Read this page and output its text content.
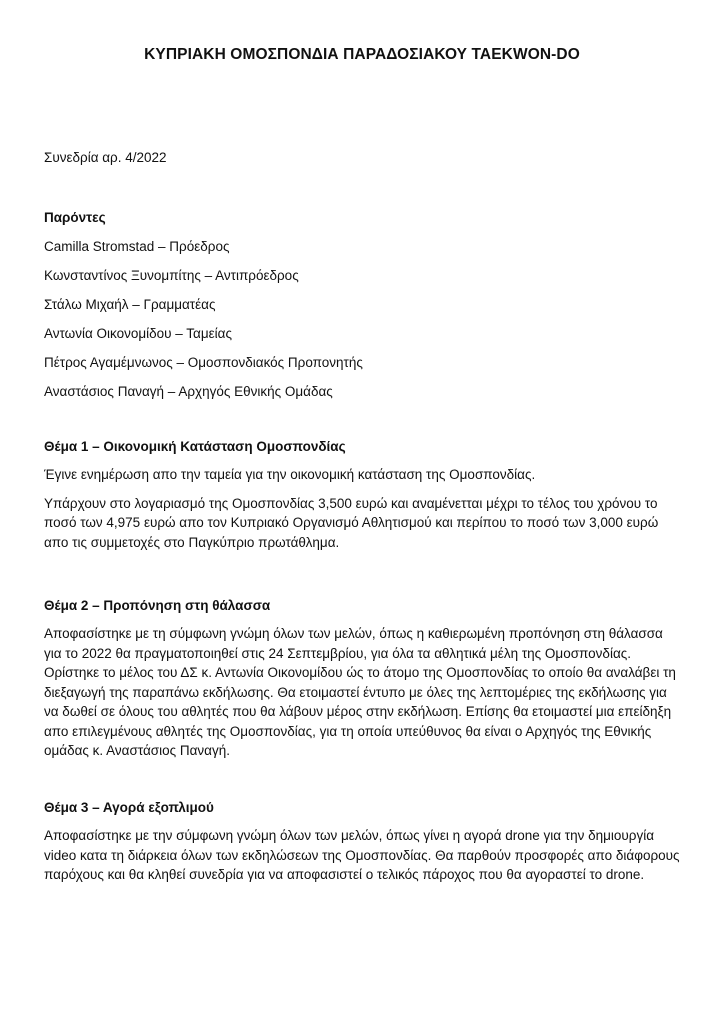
ΚΥΠΡΙΑΚΗ ΟΜΟΣΠΟΝΔΙΑ ΠΑΡΑΔΟΣΙΑΚΟΥ TAEKWON-DO

Συνεδρία αρ. 4/2022

Παρόντες

Camilla Stromstad – Πρόεδρος

Κωνσταντίνος Ξυνομπίτης – Αντιπρόεδρος

Στάλω Μιχαήλ – Γραμματέας

Αντωνία Οικονομίδου – Ταμείας

Πέτρος Αγαμέμνωνος – Ομοσπονδιακός Προπονητής

Αναστάσιος Παναγή – Αρχηγός Εθνικής Ομάδας

Θέμα 1 – Οικονομική Κατάσταση Ομοσπονδίας

Έγινε ενημέρωση απο την ταμεία για την οικονομική κατάσταση της Ομοσπονδίας.

Υπάρχουν στο λογαριασμό της Ομοσπονδίας 3,500 ευρώ και αναμένετται μέχρι το τέλος του χρόνου το ποσό των 4,975 ευρώ απο τον Κυπριακό Οργανισμό Αθλητισμού και περίπου το ποσό των 3,000 ευρώ απο τις συμμετοχές στο Παγκύπριο πρωτάθλημα.

Θέμα 2 – Προπόνηση στη θάλασσα

Αποφασίστηκε με τη σύμφωνη γνώμη όλων των μελών, όπως η καθιερωμένη προπόνηση στη θάλασσα για το 2022 θα πραγματοποιηθεί στις 24 Σεπτεμβρίου, για όλα τα αθλητικά μέλη της Ομοσπονδίας. Ορίστηκε το μέλος του ΔΣ κ. Αντωνία Οικονομίδου ώς το άτομο της Ομοσπονδίας το οποίο θα αναλάβει τη διεξαγωγή της παραπάνω εκδήλωσης. Θα ετοιμαστεί έντυπο με όλες της λεπτομέριες της εκδήλωσης για να δωθεί σε όλους του αθλητές που θα λάβουν μέρος στην εκδήλωση. Επίσης θα ετοιμαστεί μια επείδηξη απο επιλεγμένους αθλητές της Ομοσπονδίας, για τη οποία υπεύθυνος θα είναι ο Αρχηγός της Εθνικής ομάδας κ. Αναστάσιος Παναγή.

Θέμα 3 – Αγορά εξοπλιμού

Αποφασίστηκε με την σύμφωνη γνώμη όλων των μελών, όπως γίνει η αγορά drone για την δημιουργία video κατα τη διάρκεια όλων των εκδηλώσεων της Ομοσπονδίας. Θα παρθούν προσφορές απο διάφορους παρόχους και θα κληθεί συνεδρία για να αποφασιστεί ο τελικός πάροχος που θα αγοραστεί το drone.
